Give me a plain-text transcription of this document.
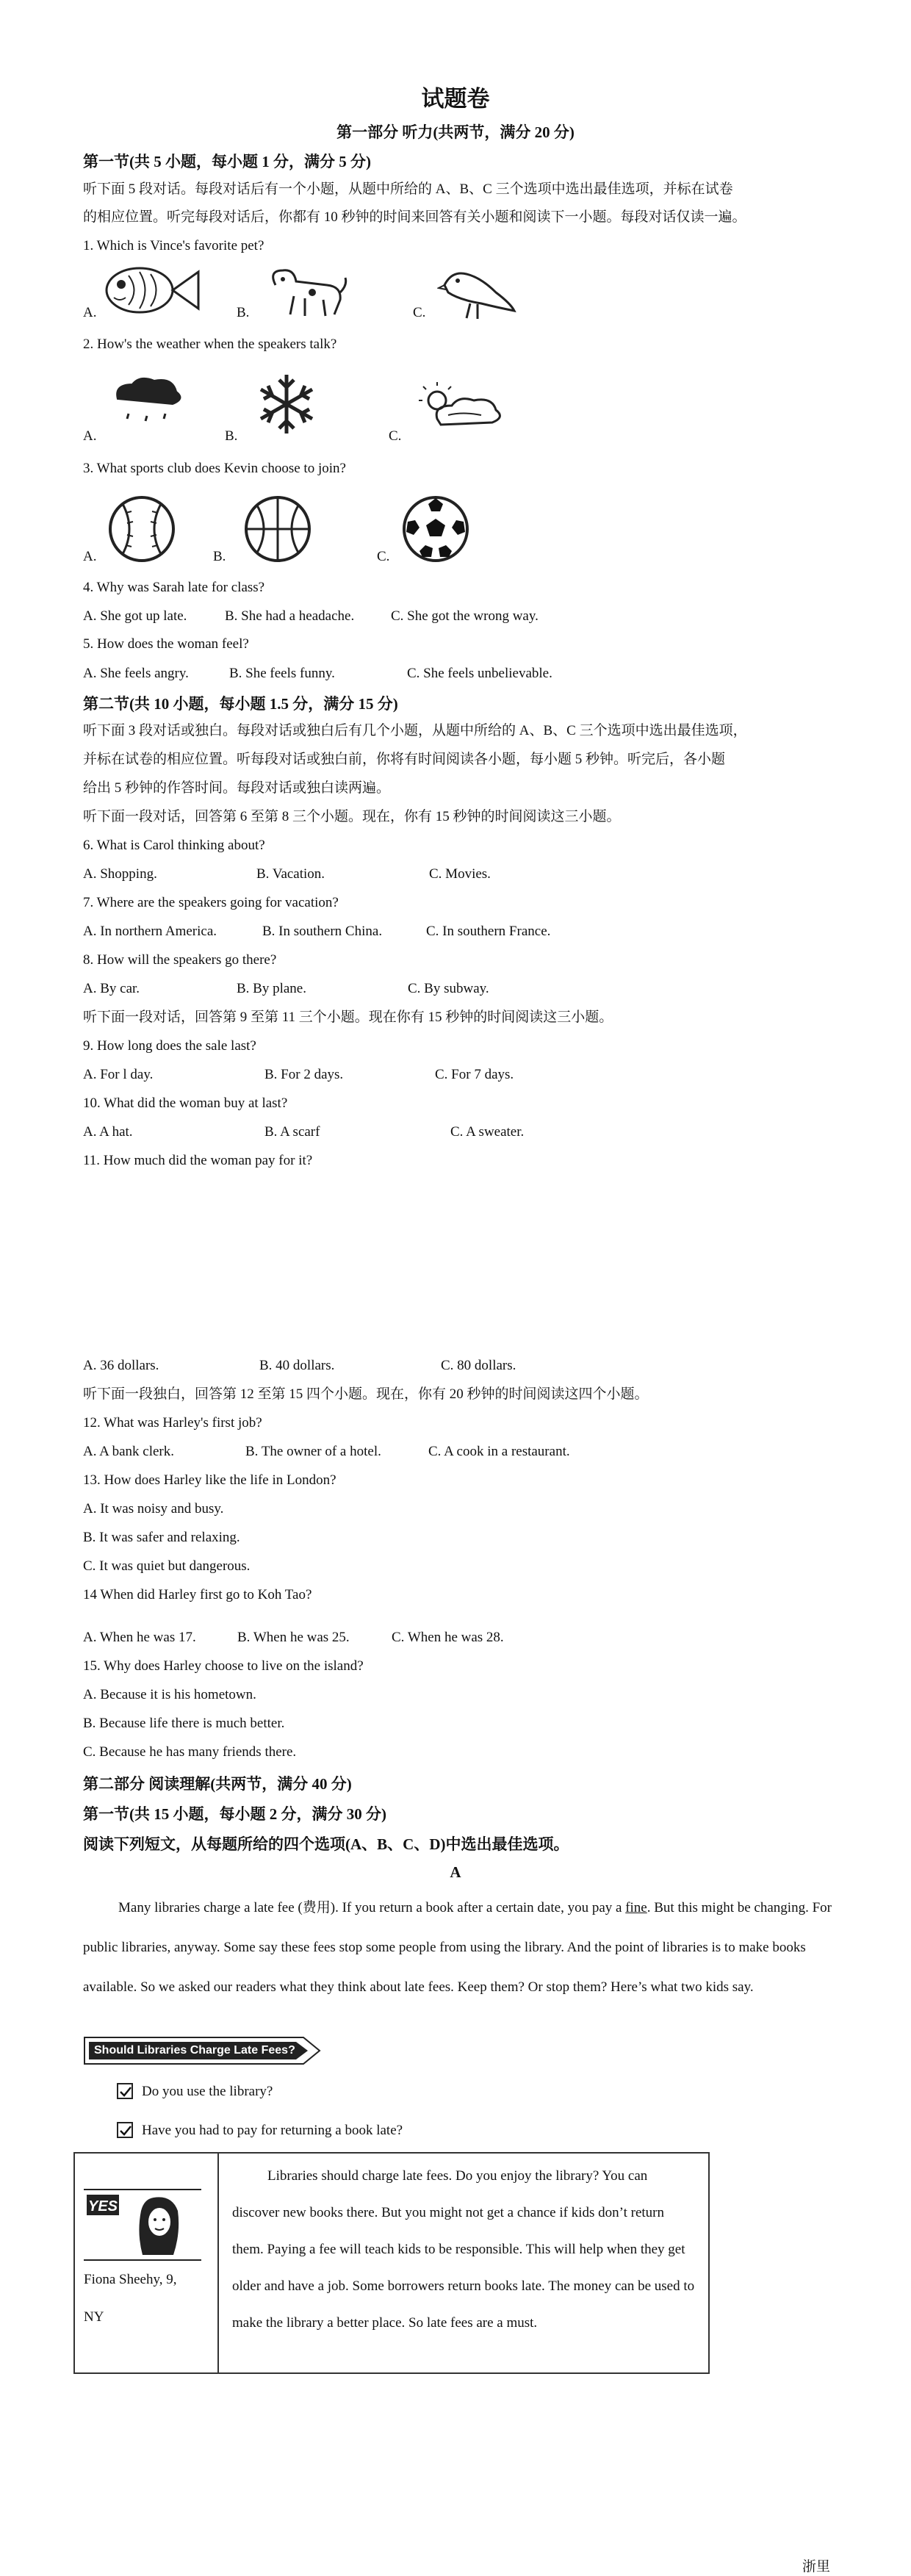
试题卷
第一部分 听力(共两节，满分 20 分)
第一节(共 5 小题，每小题 1 分，满分 5 分)
听下面 5 段对话。每段对话后有一个小题，从题中所给的 A、B、C 三个选项中选出最佳选项，并标在试卷
的相应位置。听完每段对话后，你都有 10 秒钟的时间来回答有关小题和阅读下一小题。每段对话仅读一遍。
1. Which is Vince's favorite pet?
A.	B.	C.
2. How's the weather when the speakers talk?
A.	B.	C.
3. What sports club does Kevin choose to join?
A.	B.	C.
4. Why was Sarah late for class?
A. She got up late.	B. She had a headache.	C. She got the wrong way.
5. How does the woman feel?
A. She feels angry.	B. She feels funny.	C. She feels unbelievable.
第二节(共 10 小题，每小题 1.5 分，满分 15 分)
听下面 3 段对话或独白。每段对话或独白后有几个小题，从题中所给的 A、B、C 三个选项中选出最佳选项，
并标在试卷的相应位置。听每段对话或独白前，你将有时间阅读各小题，每小题 5 秒钟。听完后，各小题
给出 5 秒钟的作答时间。每段对话或独白读两遍。
听下面一段对话，回答第 6 至第 8 三个小题。现在，你有 15 秒钟的时间阅读这三小题。
6. What is Carol thinking about?
A. Shopping.	B. Vacation.	C. Movies.
7. Where are the speakers going for vacation?
A. In northern America.	B. In southern China.	C. In southern France.
8. How will the speakers go there?
A. By car.	B. By plane.	C. By subway.
听下面一段对话，回答第 9 至第 11 三个小题。现在你有 15 秒钟的时间阅读这三小题。
9. How long does the sale last?
A. For l day.	B. For 2 days.	C. For 7 days.
10. What did the woman buy at last?
A. A hat.	B. A scarf	C. A sweater.
11. How much did the woman pay for it?
A. 36 dollars.	B. 40 dollars.	C. 80 dollars.
听下面一段独白，回答第 12 至第 15 四个小题。现在，你有 20 秒钟的时间阅读这四个小题。
12. What was Harley's first job?
A. A bank clerk.	B. The owner of a hotel.	C. A cook in a restaurant.
13. How does Harley like the life in London?
A. It was noisy and busy.
B. It was safer and relaxing.
C. It was quiet but dangerous.
14 When did Harley first go to Koh Tao?
A. When he was 17.	B. When he was 25.	C. When he was 28.
15. Why does Harley choose to live on the island?
A. Because it is his hometown.
B. Because life there is much better.
C. Because he has many friends there.
第二部分 阅读理解(共两节，满分 40 分)
第一节(共 15 小题，每小题 2 分，满分 30 分)
阅读下列短文，从每题所给的四个选项(A、B、C、D)中选出最佳选项。
A
Many libraries charge a late fee (费用). If you return a book after a certain date, you pay a fine. But this might be changing. For public libraries, anyway. Some say these fees stop some people from using the library. And the point of libraries is to make books available. So we asked our readers what they think about late fees. Keep them? Or stop them? Here’s what two kids say.
Should Libraries Charge Late Fees?
Do you use the library?
Have you had to pay for returning a book late?
YES
Fiona Sheehy, 9,
NY
Libraries should charge late fees. Do you enjoy the library? You can discover new books there. But you might not get a chance if kids don’t return them. Paying a fee will teach kids to be responsible. This will help when they get older and have a job. Some borrowers return books late. The money can be used to make the library a better place. So late fees are a must.
浙里
